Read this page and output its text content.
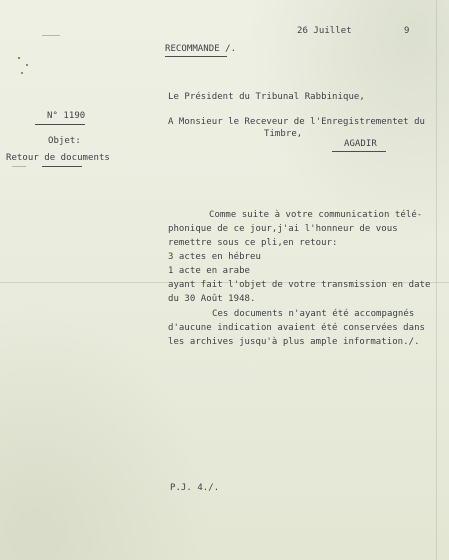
26 Juillet	9
RECOMMANDE /.
Le Président du Tribunal Rabbinique,
A Monsieur le Receveur de l'Enregistrementet du
Timbre,
AGADIR
N° 1190
Objet:
Retour de documents
Comme suite à votre communication télé-
phonique de ce jour,j'ai l'honneur de vous
remettre sous ce pli,en retour:
3 actes en hébreu
1 acte en arabe
ayant fait l'objet de votre transmission en date
du 30 Août 1948.
Ces documents n'ayant été accompagnés
d'aucune indication avaient été conservées dans
les archives jusqu'à plus ample information./.
P.J. 4./.
